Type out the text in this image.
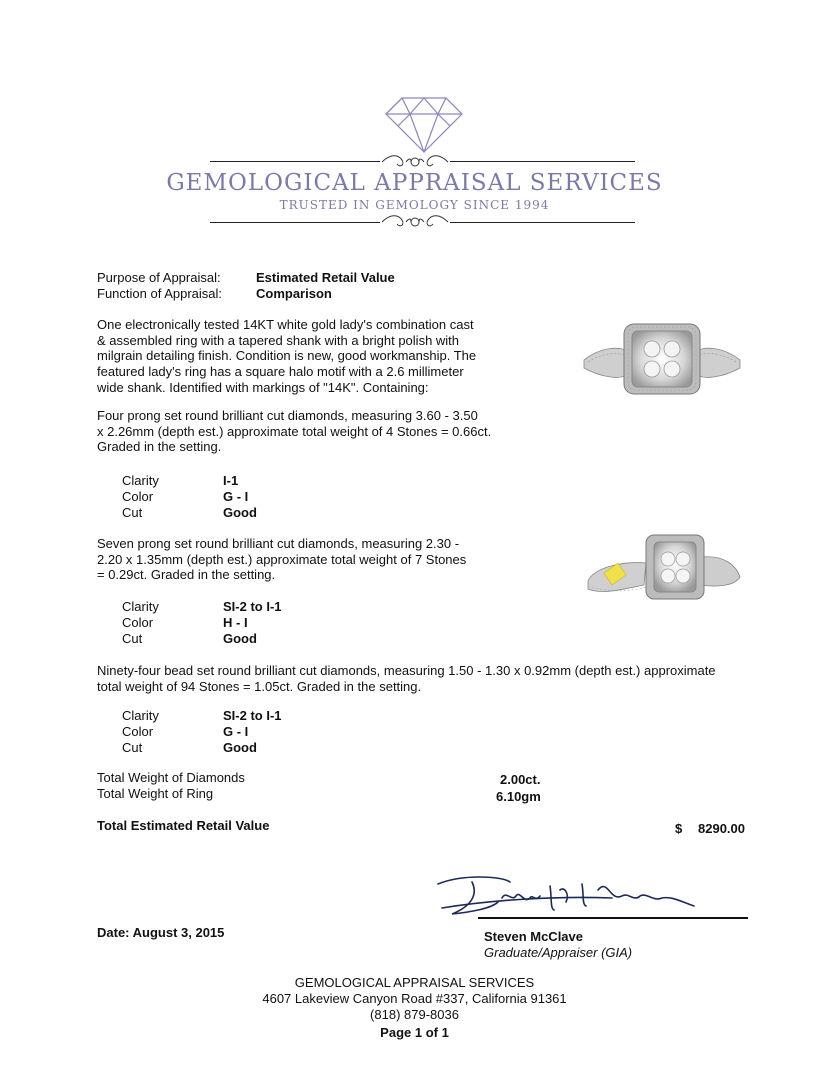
GEMOLOGICAL APPRAISAL SERVICES
TRUSTED IN GEMOLOGY SINCE 1994
Purpose of Appraisal:	Estimated Retail Value
Function of Appraisal:	Comparison
One electronically tested 14KT white gold lady's combination cast
& assembled ring with a tapered shank with a bright polish with
milgrain detailing finish. Condition is new, good workmanship. The
featured lady's ring has a square halo motif with a 2.6 millimeter
wide shank. Identified with markings of "14K". Containing:
Four prong set round brilliant cut diamonds, measuring 3.60 - 3.50
x 2.26mm (depth est.) approximate total weight of 4 Stones = 0.66ct.
Graded in the setting.
Clarity	I-1
Color	G - I
Cut	Good
Seven prong set round brilliant cut diamonds, measuring 2.30 -
2.20 x 1.35mm (depth est.) approximate total weight of 7 Stones
= 0.29ct. Graded in the setting.
Clarity	SI-2 to I-1
Color	H - I
Cut	Good
Ninety-four bead set round brilliant cut diamonds, measuring 1.50 - 1.30 x 0.92mm (depth est.) approximate
total weight of 94 Stones = 1.05ct. Graded in the setting.
Clarity	SI-2 to I-1
Color	G - I
Cut	Good
Total Weight of Diamonds	2.00ct.
Total Weight of Ring	6.10gm
Total Estimated Retail Value	$ 8290.00
Date: August 3, 2015	Steven McClave
Graduate/Appraiser (GIA)
GEMOLOGICAL APPRAISAL SERVICES
4607 Lakeview Canyon Road #337, California 91361
(818) 879-8036
Page 1 of 1
